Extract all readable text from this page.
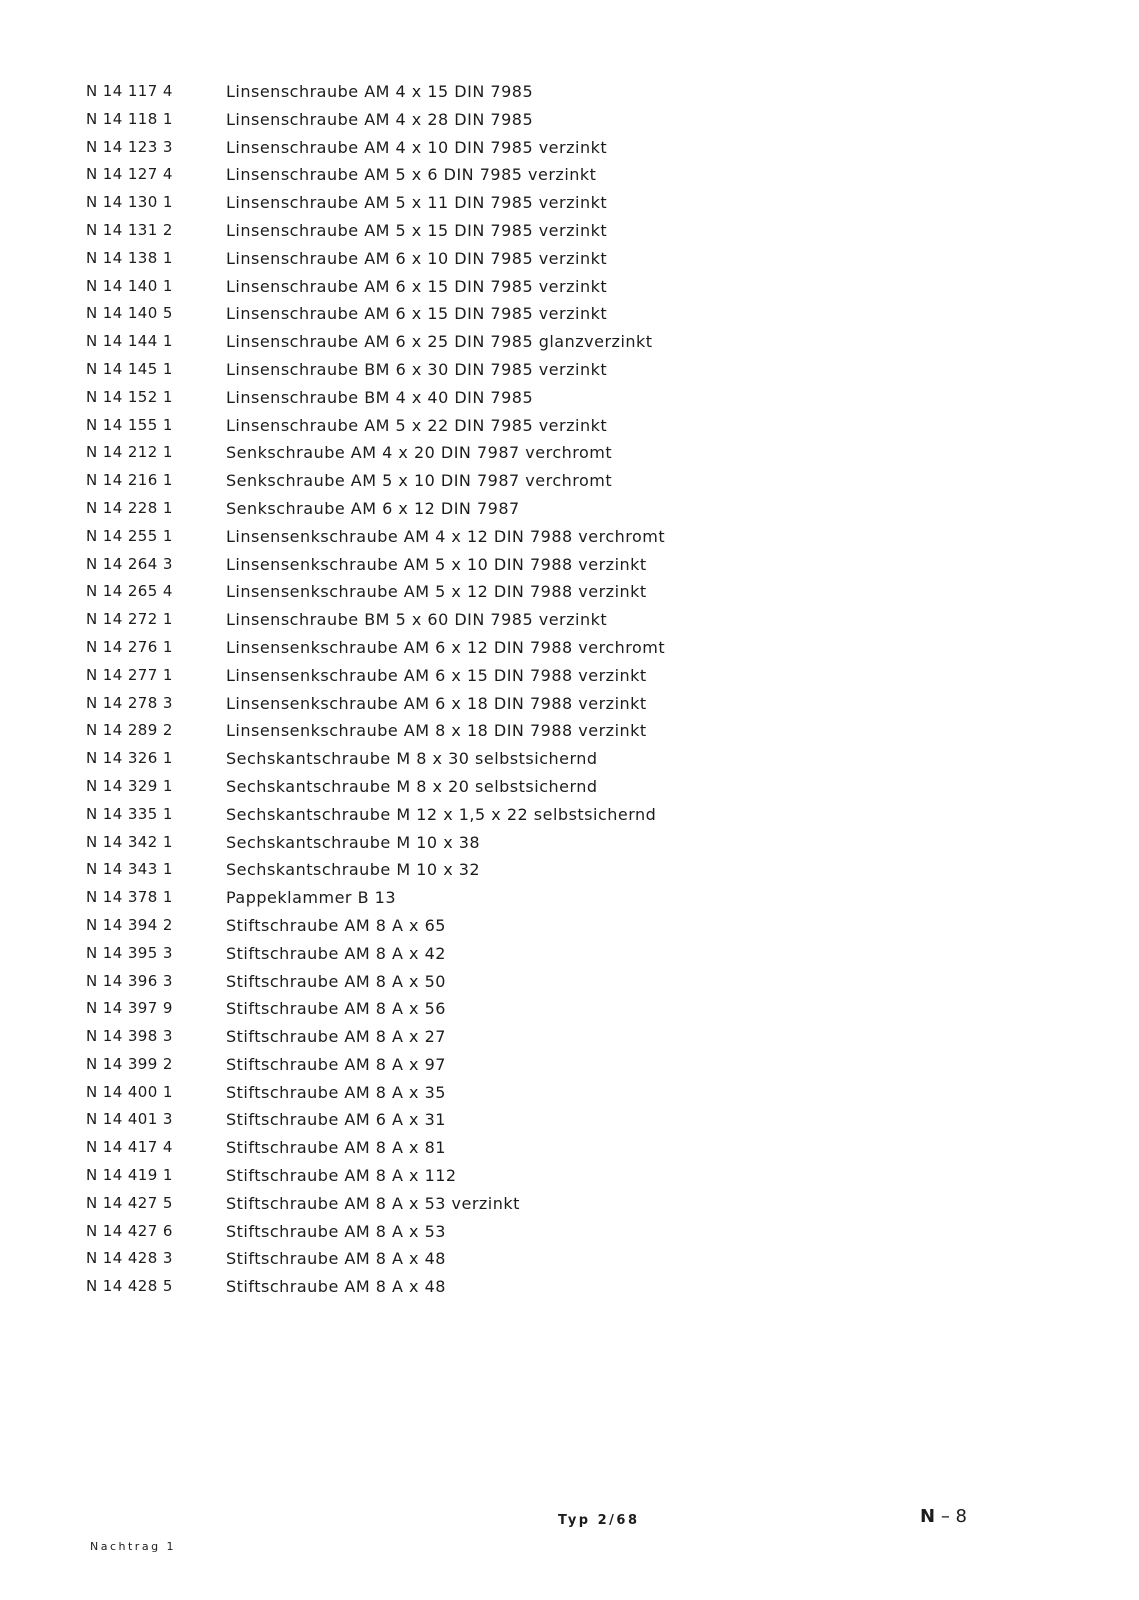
N 14 117 4	Linsenschraube AM 4 x 15 DIN 7985
N 14 118 1	Linsenschraube AM 4 x 28 DIN 7985
N 14 123 3	Linsenschraube AM 4 x 10 DIN 7985 verzinkt
N 14 127 4	Linsenschraube AM 5 x 6 DIN 7985 verzinkt
N 14 130 1	Linsenschraube AM 5 x 11 DIN 7985 verzinkt
N 14 131 2	Linsenschraube AM 5 x 15 DIN 7985 verzinkt
N 14 138 1	Linsenschraube AM 6 x 10 DIN 7985 verzinkt
N 14 140 1	Linsenschraube AM 6 x 15 DIN 7985 verzinkt
N 14 140 5	Linsenschraube AM 6 x 15 DIN 7985 verzinkt
N 14 144 1	Linsenschraube AM 6 x 25 DIN 7985 glanzverzinkt
N 14 145 1	Linsenschraube BM 6 x 30 DIN 7985 verzinkt
N 14 152 1	Linsenschraube BM 4 x 40 DIN 7985
N 14 155 1	Linsenschraube AM 5 x 22 DIN 7985 verzinkt
N 14 212 1	Senkschraube AM 4 x 20 DIN 7987 verchromt
N 14 216 1	Senkschraube AM 5 x 10 DIN 7987 verchromt
N 14 228 1	Senkschraube AM 6 x 12 DIN 7987
N 14 255 1	Linsensenkschraube AM 4 x 12 DIN 7988 verchromt
N 14 264 3	Linsensenkschraube AM 5 x 10 DIN 7988 verzinkt
N 14 265 4	Linsensenkschraube AM 5 x 12 DIN 7988 verzinkt
N 14 272 1	Linsenschraube BM 5 x 60 DIN 7985 verzinkt
N 14 276 1	Linsensenkschraube AM 6 x 12 DIN 7988 verchromt
N 14 277 1	Linsensenkschraube AM 6 x 15 DIN 7988 verzinkt
N 14 278 3	Linsensenkschraube AM 6 x 18 DIN 7988 verzinkt
N 14 289 2	Linsensenkschraube AM 8 x 18 DIN 7988 verzinkt
N 14 326 1	Sechskantschraube M 8 x 30 selbstsichernd
N 14 329 1	Sechskantschraube M 8 x 20 selbstsichernd
N 14 335 1	Sechskantschraube M 12 x 1,5 x 22 selbstsichernd
N 14 342 1	Sechskantschraube M 10 x 38
N 14 343 1	Sechskantschraube M 10 x 32
N 14 378 1	Pappeklammer B 13
N 14 394 2	Stiftschraube AM 8 A x 65
N 14 395 3	Stiftschraube AM 8 A x 42
N 14 396 3	Stiftschraube AM 8 A x 50
N 14 397 9	Stiftschraube AM 8 A x 56
N 14 398 3	Stiftschraube AM 8 A x 27
N 14 399 2	Stiftschraube AM 8 A x 97
N 14 400 1	Stiftschraube AM 8 A x 35
N 14 401 3	Stiftschraube AM 6 A x 31
N 14 417 4	Stiftschraube AM 8 A x 81
N 14 419 1	Stiftschraube AM 8 A x 112
N 14 427 5	Stiftschraube AM 8 A x 53 verzinkt
N 14 427 6	Stiftschraube AM 8 A x 53
N 14 428 3	Stiftschraube AM 8 A x 48
N 14 428 5	Stiftschraube AM 8 A x 48
Typ 2/68	N – 8
Nachtrag 1
